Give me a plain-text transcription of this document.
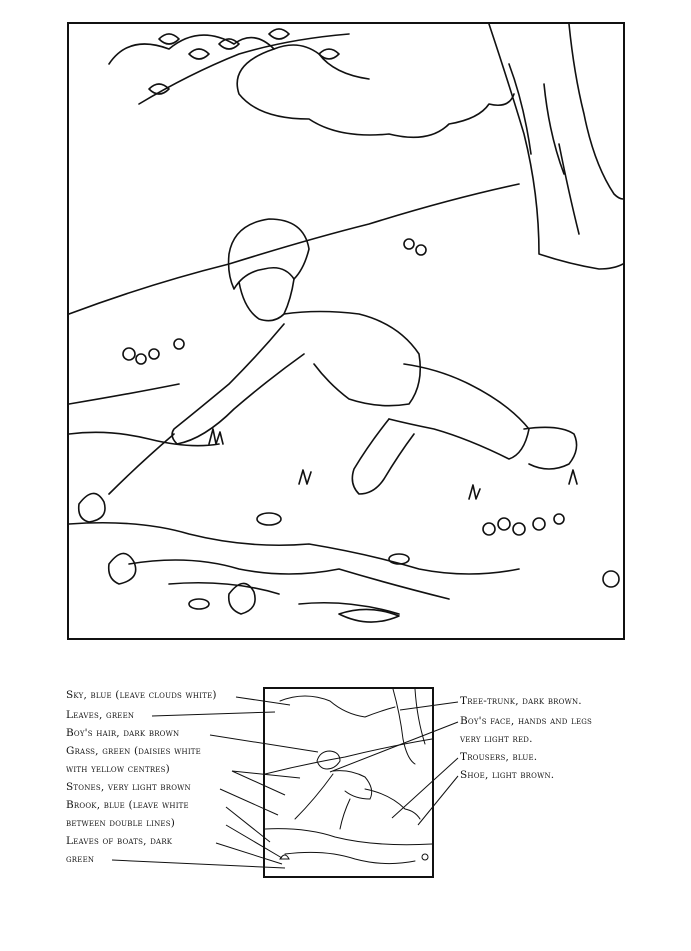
Sky, blue (leave clouds white)
Leaves, green
Boy's hair, dark brown
Grass, green (daisies white
with yellow centres)
Stones, very light brown
Brook, blue (leave white
between double lines)
Leaves of boats, dark
green
Tree-trunk, dark brown.
Boy's face, hands and legs
very light red.
Trousers, blue.
Shoe, light brown.
